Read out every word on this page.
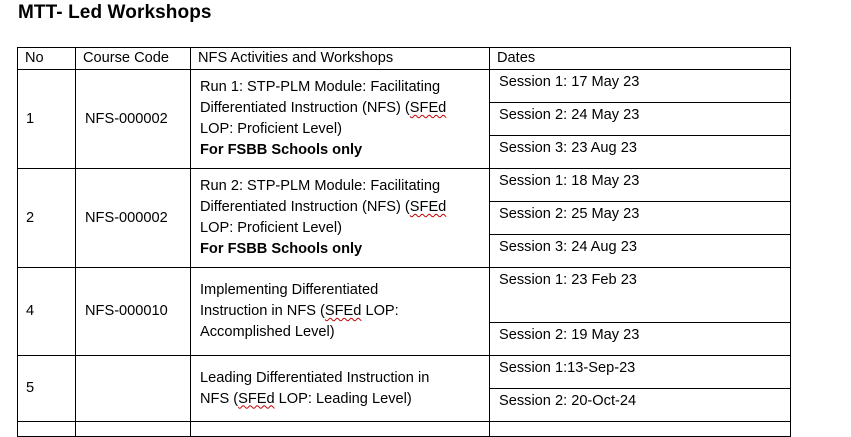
MTT- Led Workshops
No	Course Code	NFS Activities and Workshops	Dates
1	NFS-000002	Run 1: STP-PLM Module: Facilitating
Differentiated Instruction (NFS) (SFEd
LOP: Proficient Level)
For FSBB Schools only	Session 1: 17 May 23
			Session 2: 24 May 23
			Session 3: 23 Aug 23
2	NFS-000002	Run 2: STP-PLM Module: Facilitating
Differentiated Instruction (NFS) (SFEd
LOP: Proficient Level)
For FSBB Schools only	Session 1: 18 May 23
			Session 2: 25 May 23
			Session 3: 24 Aug 23
4	NFS-000010	Implementing Differentiated
Instruction in NFS (SFEd LOP:
Accomplished Level)	Session 1: 23 Feb 23
			Session 2: 19 May 23
5		Leading Differentiated Instruction in
NFS (SFEd LOP: Leading Level)	Session 1:13-Sep-23
			Session 2: 20-Oct-24
